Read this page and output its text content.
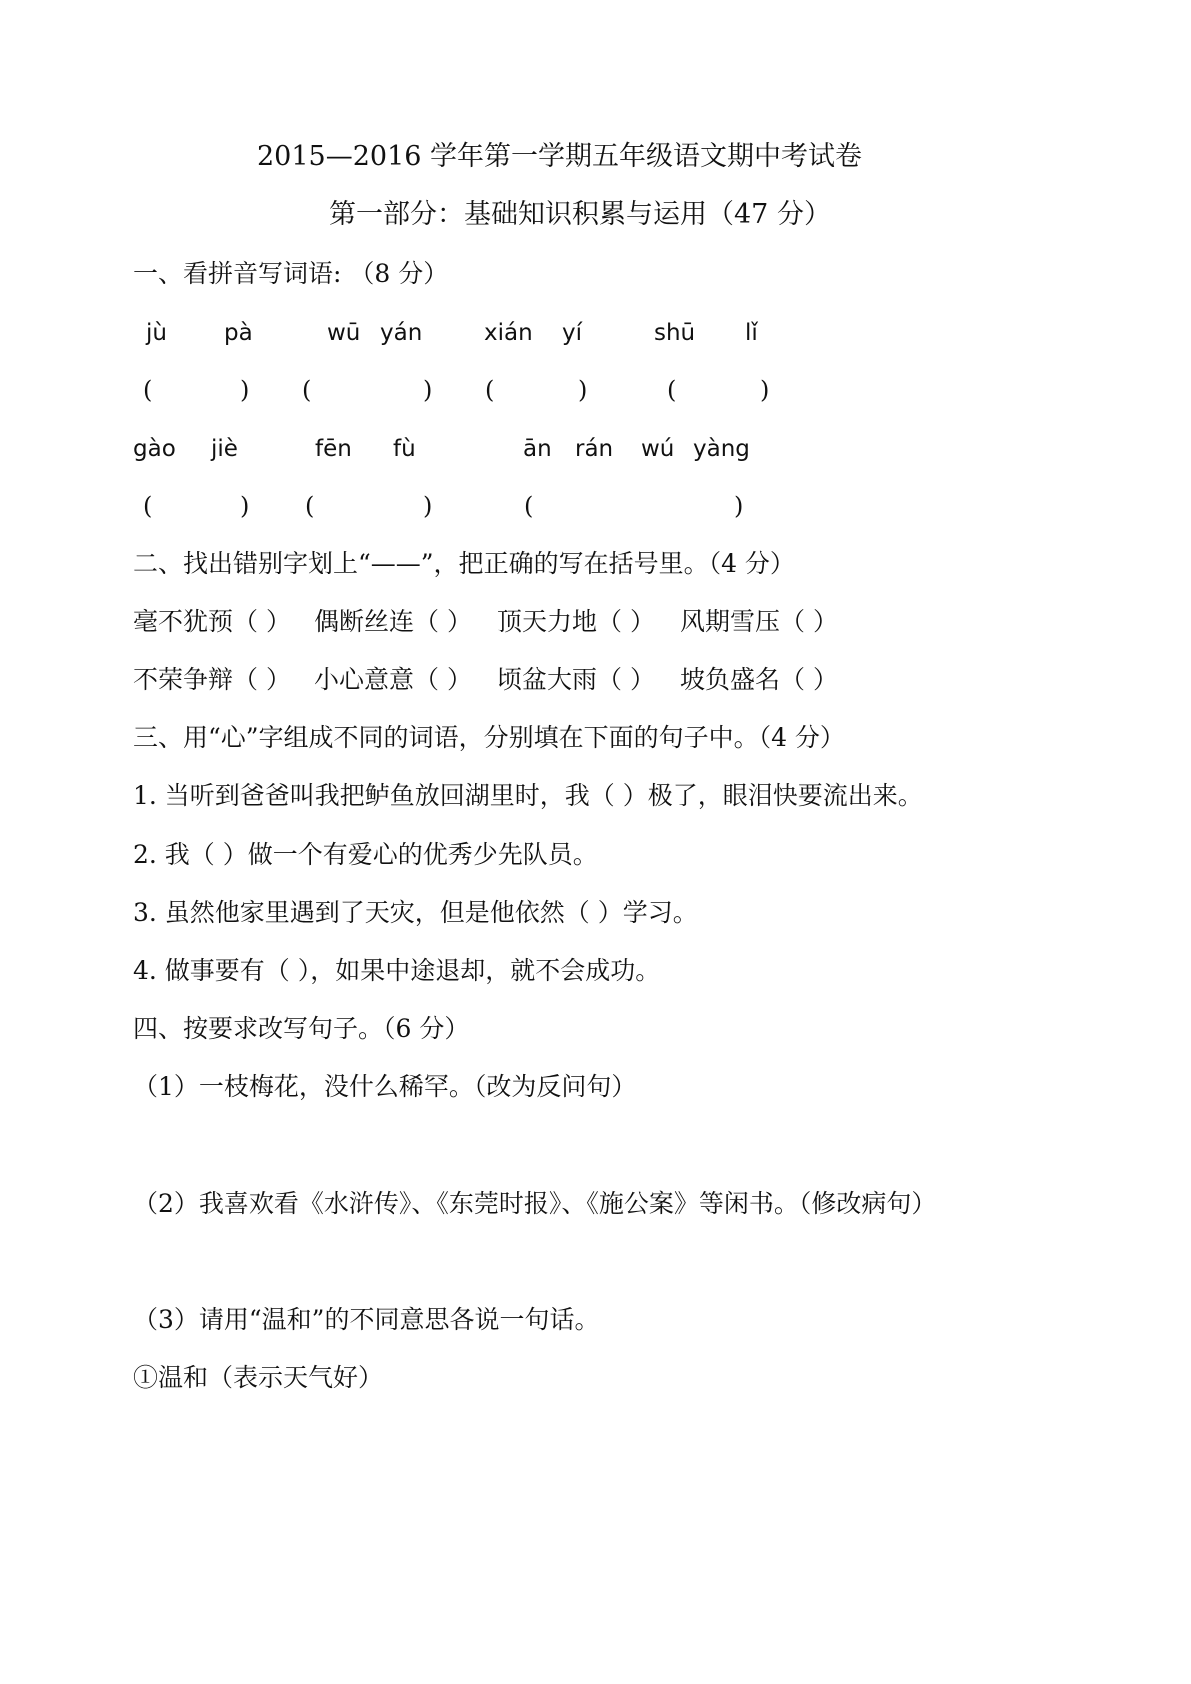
2015—2016 学年第一学期五年级语文期中考试卷
第一部分：基础知识积累与运用（47 分）
一、看拼音写词语: （8 分）
jù pà	wū yán	xián yí	shū lǐ
(	) (	) (	)	(	)
gào jiè	fēn fù	ān rán wú yàng
(	) (	)	(	)
二、找出错别字划上“——”，把正确的写在括号里。（4 分）
毫不犹预（ ） 偶断丝连（ ） 顶天力地（ ） 风期雪压（ ）
不荣争辩（ ） 小心意意（ ） 顷盆大雨（ ） 坡负盛名（ ）
三、用“心”字组成不同的词语，分别填在下面的句子中。（4 分）
1. 当听到爸爸叫我把鲈鱼放回湖里时，我（ ）极了，眼泪快要流出来。
2. 我（ ）做一个有爱心的优秀少先队员。
3. 虽然他家里遇到了天灾，但是他依然（ ）学习。
4. 做事要有（ ），如果中途退却，就不会成功。
四、按要求改写句子。（6 分）
（1）一枝梅花，没什么稀罕。（改为反问句）
（2）我喜欢看《水浒传》、《东莞时报》、《施公案》等闲书。（修改病句）
（3）请用“温和”的不同意思各说一句话。
①温和（表示天气好）
